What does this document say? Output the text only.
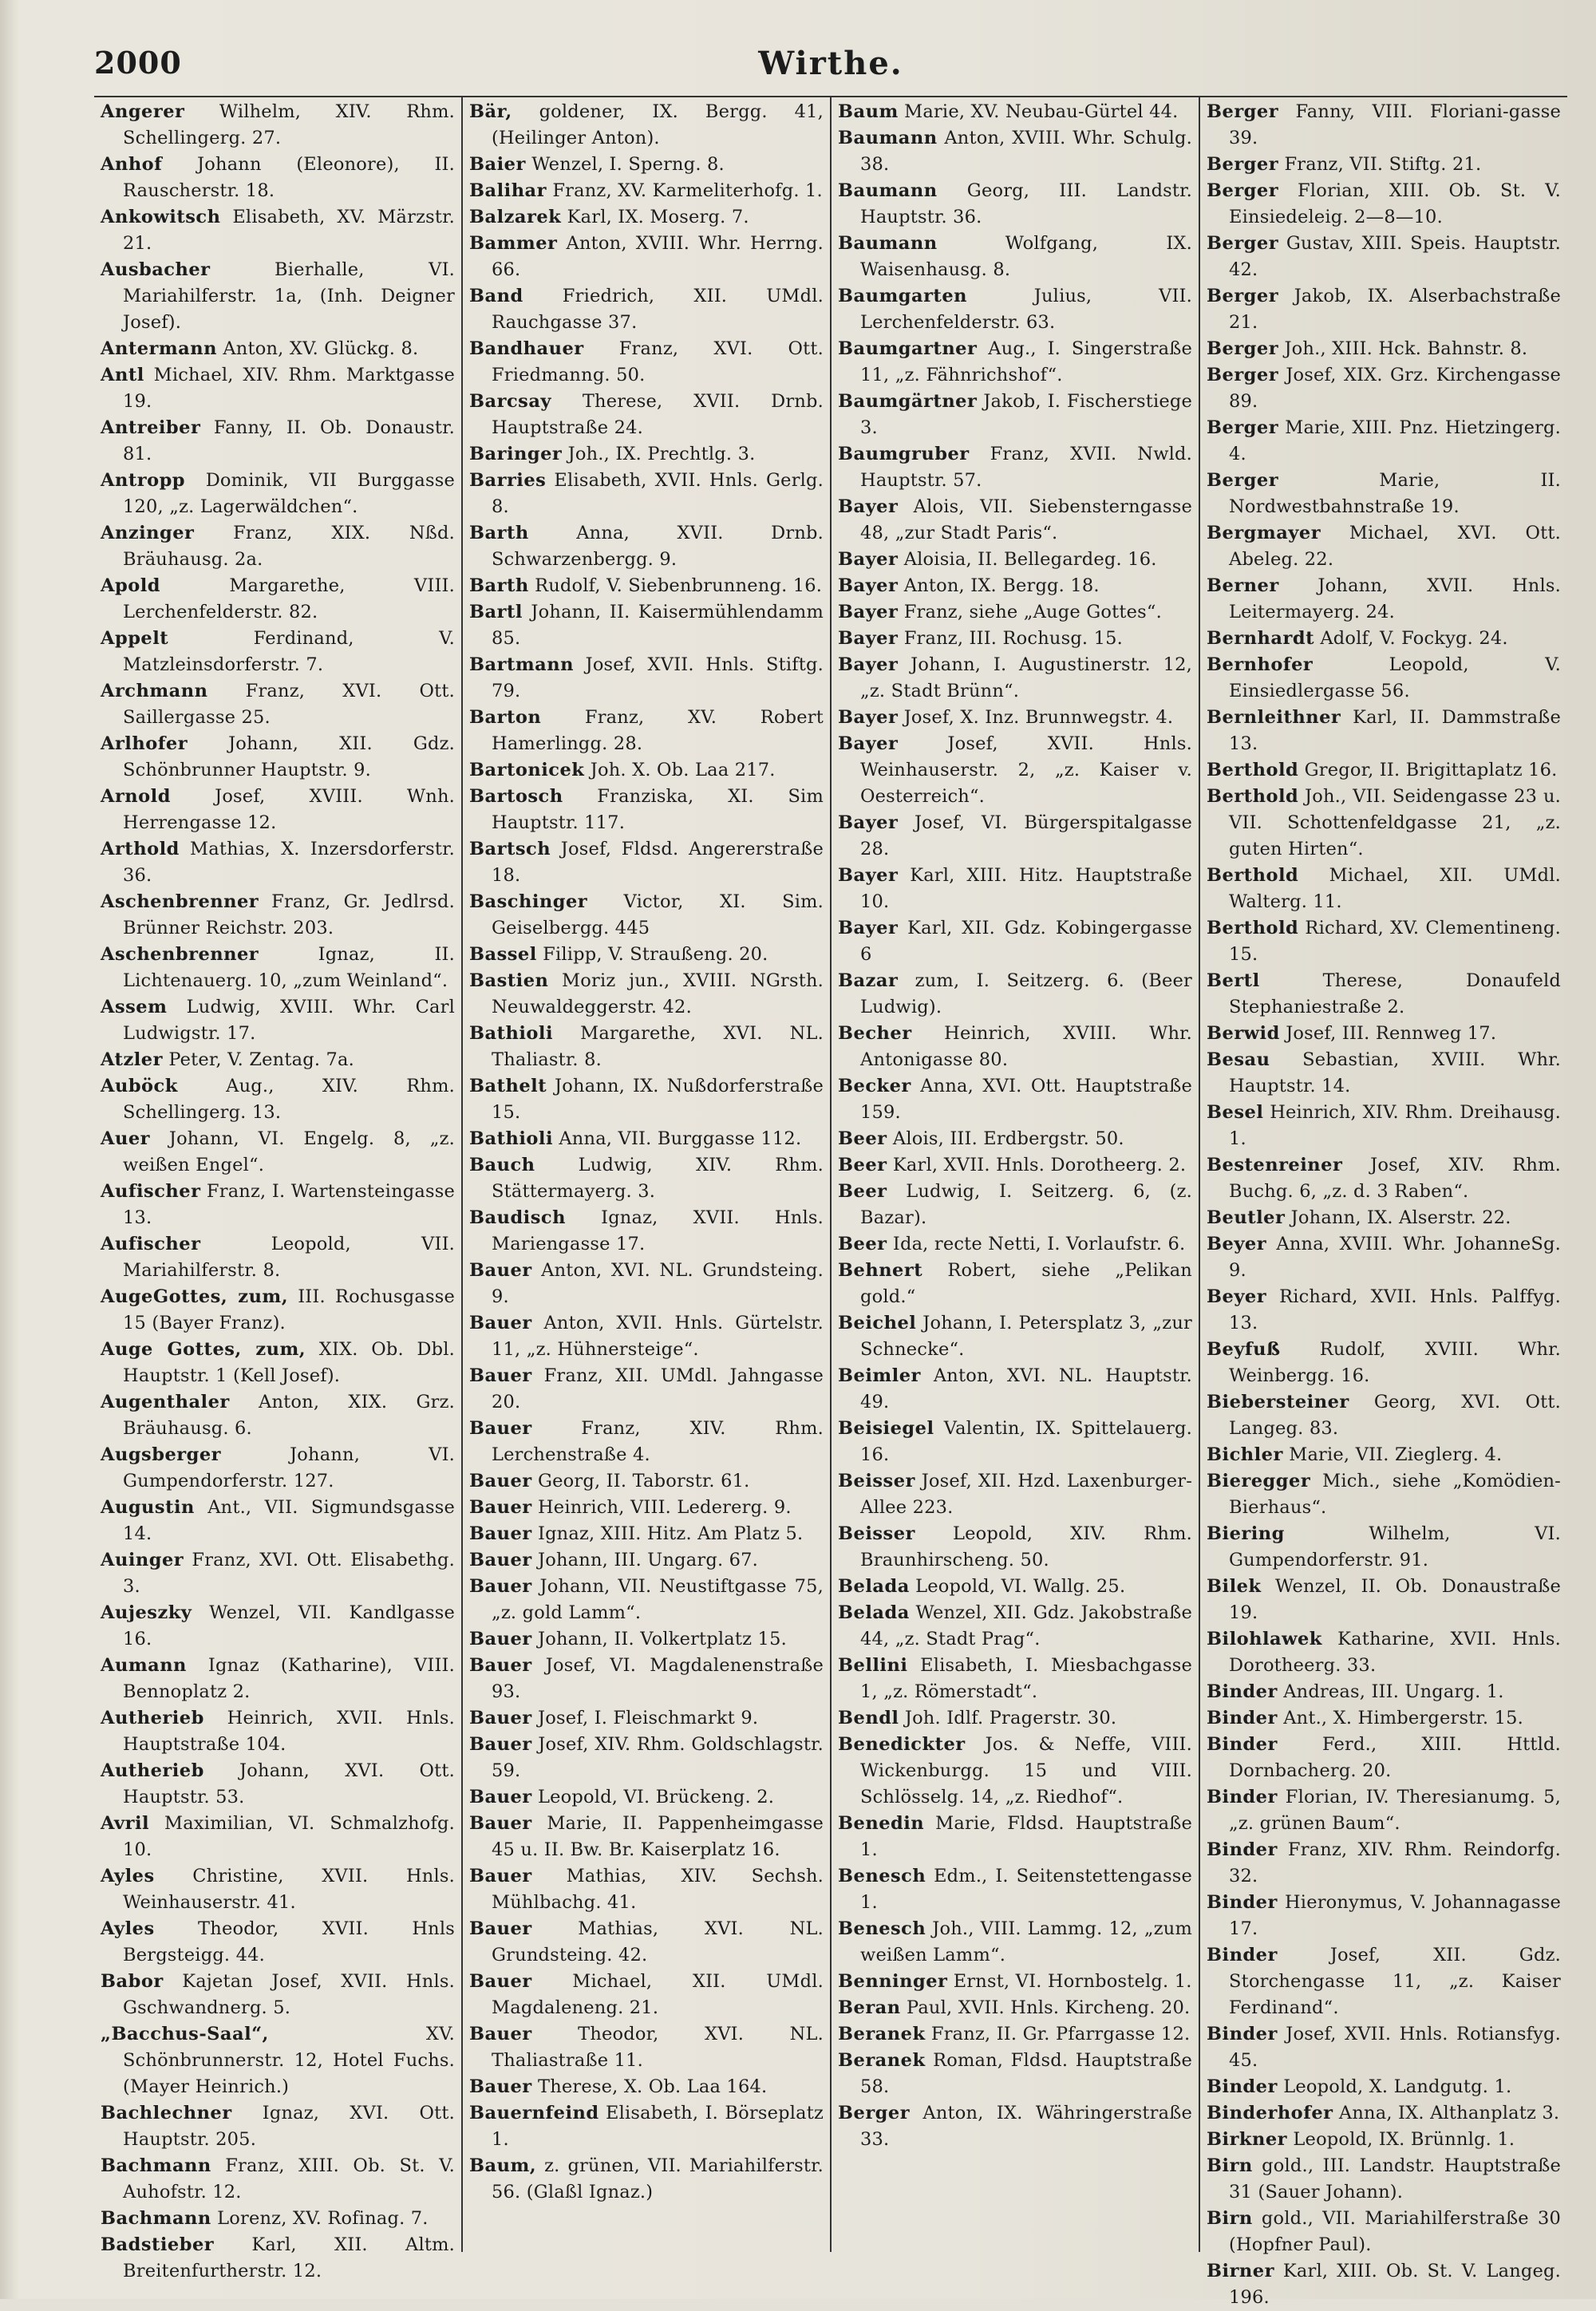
2000	Wirthe.
Angerer Wilhelm, XIV. Rhm. Schellingerg. 27.
Anhof Johann (Eleonore), II. Rauscherstr. 18.
Ankowitsch Elisabeth, XV. Märzstr. 21.
Ausbacher	Bierhalle, VI. Mariahilferstr. 1a, (Inh. Deigner Josef).
Antermann Anton, XV. Glückg. 8.
Antl Michael, XIV. Rhm. Marktgasse 19.
Antreiber Fanny, II. Ob. Donaustr. 81.
Antropp Dominik, VII Burggasse 120, „z. Lagerwäldchen“.
Anzinger Franz, XIX. Nßd. Bräuhausg. 2a.
Apold	Margarethe, VIII. Lerchenfelderstr. 82.
Appelt	Ferdinand, V. Matzleinsdorferstr. 7.
Archmann Franz, XVI. Ott. Saillergasse 25.
Arlhofer Johann, XII. Gdz. Schönbrunner Hauptstr. 9.
Arnold Josef, XVIII. Wnh. Herrengasse 12.
Arthold Mathias, X. Inzersdorferstr. 36.
Aschenbrenner Franz, Gr. Jedlrsd. Brünner Reichstr. 203.
Aschenbrenner	Ignaz, II. Lichtenauerg. 10, „zum Weinland“.
Assem Ludwig, XVIII. Whr. Carl Ludwigstr. 17.
Atzler Peter, V. Zentag. 7a.
Auböck	Aug., XIV. Rhm. Schellingerg. 13.
Auer Johann, VI. Engelg. 8, „z. weißen Engel“.
Aufischer Franz, I. Wartensteingasse 13.
Aufischer	Leopold, VII. Mariahilferstr. 8.
AugeGottes, zum, III. Rochusgasse 15 (Bayer Franz).
Auge Gottes, zum, XIX. Ob. Dbl. Hauptstr. 1 (Kell Josef).
Augenthaler Anton, XIX. Grz. Bräuhausg. 6.
Augsberger	Johann, VI. Gumpendorferstr. 127.
Augustin Ant., VII. Sigmundsgasse 14.
Auinger Franz, XVI. Ott. Elisabethg. 3.
Aujeszky Wenzel, VII. Kandlgasse 16.
Aumann Ignaz (Katharine), VIII. Bennoplatz 2.
Autherieb Heinrich, XVII. Hnls. Hauptstraße 104.
Autherieb Johann, XVI. Ott. Hauptstr. 53.
Avril Maximilian, VI. Schmalzhofg. 10.
Ayles Christine, XVII. Hnls. Weinhauserstr. 41.
Ayles Theodor, XVII. Hnls Bergsteigg. 44.
Babor Kajetan Josef, XVII. Hnls. Gschwandnerg. 5.
„Bacchus-Saal“,	XV. Schönbrunnerstr. 12, Hotel Fuchs. (Mayer Heinrich.)
Bachlechner Ignaz, XVI. Ott. Hauptstr. 205.
Bachmann Franz, XIII. Ob. St. V. Auhofstr. 12.
Bachmann Lorenz, XV. Rofinag. 7.
Badstieber Karl, XII. Altm. Breitenfurtherstr. 12.
Bär, goldener, IX. Bergg. 41, (Heilinger Anton).
Baier Wenzel, I. Sperng. 8.
Balihar Franz, XV. Karmeliterhofg. 1.
Balzarek Karl, IX. Moserg. 7.
Bammer Anton, XVIII. Whr. Herrng. 66.
Band Friedrich, XII. UMdl. Rauchgasse 37.
Bandhauer Franz, XVI. Ott. Friedmanng. 50.
Barcsay Therese, XVII. Drnb. Hauptstraße 24.
Baringer Joh., IX. Prechtlg. 3.
Barries Elisabeth, XVII. Hnls. Gerlg. 8.
Barth	Anna, XVII. Drnb. Schwarzenbergg. 9.
Barth Rudolf, V. Siebenbrunneng. 16.
Bartl Johann, II. Kaisermühlendamm 85.
Bartmann Josef, XVII. Hnls. Stiftg. 79.
Barton Franz, XV. Robert Hamerlingg. 28.
Bartonicek Joh. X. Ob. Laa 217.
Bartosch Franziska, XI. Sim Hauptstr. 117.
Bartsch Josef, Fldsd. Angererstraße 18.
Baschinger Victor, XI. Sim. Geiselbergg. 445
Bassel Filipp, V. Straußeng. 20.
Bastien Moriz jun., XVIII. NGrsth. Neuwaldeggerstr. 42.
Bathioli Margarethe, XVI. NL. Thaliastr. 8.
Bathelt Johann, IX. Nußdorferstraße 15.
Bathioli Anna, VII. Burggasse 112.
Bauch Ludwig, XIV. Rhm. Stättermayerg. 3.
Baudisch Ignaz, XVII. Hnls. Mariengasse 17.
Bauer Anton, XVI. NL. Grundsteing. 9.
Bauer Anton, XVII. Hnls. Gürtelstr. 11, „z. Hühnersteige“.
Bauer Franz, XII. UMdl. Jahngasse 20.
Bauer	Franz, XIV. Rhm. Lerchenstraße 4.
Bauer Georg, II. Taborstr. 61.
Bauer Heinrich, VIII. Ledererg. 9.
Bauer Ignaz, XIII. Hitz. Am Platz 5.
Bauer Johann, III. Ungarg. 67.
Bauer Johann, VII. Neustiftgasse 75, „z. gold Lamm“.
Bauer Johann, II. Volkertplatz 15.
Bauer Josef, VI. Magdalenenstraße 93.
Bauer Josef, I. Fleischmarkt 9.
Bauer Josef, XIV. Rhm. Goldschlagstr. 59.
Bauer Leopold, VI. Brückeng. 2.
Bauer Marie, II. Pappenheimgasse 45 u. II. Bw. Br. Kaiserplatz 16.
Bauer Mathias, XIV. Sechsh. Mühlbachg. 41.
Bauer	Mathias, XVI. NL. Grundsteing. 42.
Bauer Michael, XII. UMdl. Magdaleneng. 21.
Bauer	Theodor, XVI. NL. Thaliastraße 11.
Bauer Therese, X. Ob. Laa 164.
Bauernfeind Elisabeth, I. Börseplatz 1.
Baum, z. grünen, VII. Mariahilferstr. 56. (Glaßl Ignaz.)
Baum Marie, XV. Neubau-Gürtel 44.
Baumann Anton, XVIII. Whr. Schulg. 38.
Baumann Georg, III. Landstr. Hauptstr. 36.
Baumann	Wolfgang, IX. Waisenhausg. 8.
Baumgarten	Julius, VII. Lerchenfelderstr. 63.
Baumgartner Aug., I. Singerstraße 11, „z. Fähnrichshof“.
Baumgärtner Jakob, I. Fischerstiege 3.
Baumgruber Franz, XVII. Nwld. Hauptstr. 57.
Bayer Alois, VII. Siebensterngasse 48, „zur Stadt Paris“.
Bayer Aloisia, II. Bellegardeg. 16.
Bayer Anton, IX. Bergg. 18.
Bayer Franz, siehe „Auge Gottes“.
Bayer Franz, III. Rochusg. 15.
Bayer Johann, I. Augustinerstr. 12, „z. Stadt Brünn“.
Bayer Josef, X. Inz. Brunnwegstr. 4.
Bayer	Josef, XVII. Hnls. Weinhauserstr. 2, „z. Kaiser v. Oesterreich“.
Bayer Josef, VI. Bürgerspitalgasse 28.
Bayer Karl, XIII. Hitz. Hauptstraße 10.
Bayer Karl, XII. Gdz. Kobingergasse 6
Bazar zum, I. Seitzerg. 6. (Beer Ludwig).
Becher Heinrich, XVIII. Whr. Antonigasse 80.
Becker Anna, XVI. Ott. Hauptstraße 159.
Beer Alois, III. Erdbergstr. 50.
Beer Karl, XVII. Hnls. Dorotheerg. 2.
Beer Ludwig, I. Seitzerg. 6, (z. Bazar).
Beer Ida, recte Netti, I. Vorlaufstr. 6.
Behnert Robert, siehe „Pelikan gold.“
Beichel Johann, I. Petersplatz 3, „zur Schnecke“.
Beimler Anton, XVI. NL. Hauptstr. 49.
Beisiegel Valentin, IX. Spittelauerg. 16.
Beisser Josef, XII. Hzd. Laxenburger-Allee 223.
Beisser Leopold, XIV. Rhm. Braunhirscheng. 50.
Belada Leopold, VI. Wallg. 25.
Belada Wenzel, XII. Gdz. Jakobstraße 44, „z. Stadt Prag“.
Bellini Elisabeth, I. Miesbachgasse 1, „z. Römerstadt“.
Bendl Joh. Idlf. Pragerstr. 30.
Benedickter Jos. & Neffe, VIII. Wickenburgg. 15 und VIII. Schlösselg. 14, „z. Riedhof“.
Benedin Marie, Fldsd. Hauptstraße 1.
Benesch Edm., I. Seitenstettengasse 1.
Benesch Joh., VIII. Lammg. 12, „zum weißen Lamm“.
Benninger Ernst, VI. Hornbostelg. 1.
Beran Paul, XVII. Hnls. Kircheng. 20.
Beranek Franz, II. Gr. Pfarrgasse 12.
Beranek Roman, Fldsd. Hauptstraße 58.
Berger Anton, IX. Währingerstraße 33.
Berger Fanny, VIII. Floriani-gasse 39.
Berger Franz, VII. Stiftg. 21.
Berger Florian, XIII. Ob. St. V. Einsiedeleig. 2—8—10.
Berger Gustav, XIII. Speis. Hauptstr. 42.
Berger Jakob, IX. Alserbachstraße 21.
Berger Joh., XIII. Hck. Bahnstr. 8.
Berger Josef, XIX. Grz. Kirchengasse 89.
Berger Marie, XIII. Pnz. Hietzingerg. 4.
Berger	Marie, II. Nordwestbahnstraße 19.
Bergmayer Michael, XVI. Ott. Abeleg. 22.
Berner Johann, XVII. Hnls. Leitermayerg. 24.
Bernhardt Adolf, V. Fockyg. 24.
Bernhofer	Leopold, V. Einsiedlergasse 56.
Bernleithner Karl, II. Dammstraße 13.
Berthold Gregor, II. Brigittaplatz 16.
Berthold Joh., VII. Seidengasse 23 u. VII. Schottenfeldgasse 21, „z. guten Hirten“.
Berthold Michael, XII. UMdl. Walterg. 11.
Berthold Richard, XV. Clementineng. 15.
Bertl	Therese, Donaufeld Stephaniestraße 2.
Berwid Josef, III. Rennweg 17.
Besau Sebastian, XVIII. Whr. Hauptstr. 14.
Besel Heinrich, XIV. Rhm. Dreihausg. 1.
Bestenreiner Josef, XIV. Rhm. Buchg. 6, „z. d. 3 Raben“.
Beutler Johann, IX. Alserstr. 22.
Beyer Anna, XVIII. Whr. JohanneSg. 9.
Beyer Richard, XVII. Hnls. Palffyg. 13.
Beyfuß Rudolf, XVIII. Whr. Weinbergg. 16.
Biebersteiner Georg, XVI. Ott. Langeg. 83.
Bichler Marie, VII. Zieglerg. 4.
Bieregger Mich., siehe „Komödien-Bierhaus“.
Biering	Wilhelm, VI. Gumpendorferstr. 91.
Bilek Wenzel, II. Ob. Donaustraße 19.
Bilohlawek Katharine, XVII. Hnls. Dorotheerg. 33.
Binder Andreas, III. Ungarg. 1.
Binder Ant., X. Himbergerstr. 15.
Binder Ferd., XIII. Httld. Dornbacherg. 20.
Binder Florian, IV. Theresianumg. 5, „z. grünen Baum“.
Binder Franz, XIV. Rhm. Reindorfg. 32.
Binder Hieronymus, V. Johannagasse 17.
Binder	Josef, XII. Gdz. Storchengasse 11, „z. Kaiser Ferdinand“.
Binder Josef, XVII. Hnls. Rotiansfyg. 45.
Binder Leopold, X. Landgutg. 1.
Binderhofer Anna, IX. Althanplatz 3.
Birkner Leopold, IX. Brünnlg. 1.
Birn gold., III. Landstr. Hauptstraße 31 (Sauer Johann).
Birn gold., VII. Mariahilferstraße 30 (Hopfner Paul).
Birner Karl, XIII. Ob. St. V. Langeg. 196.
